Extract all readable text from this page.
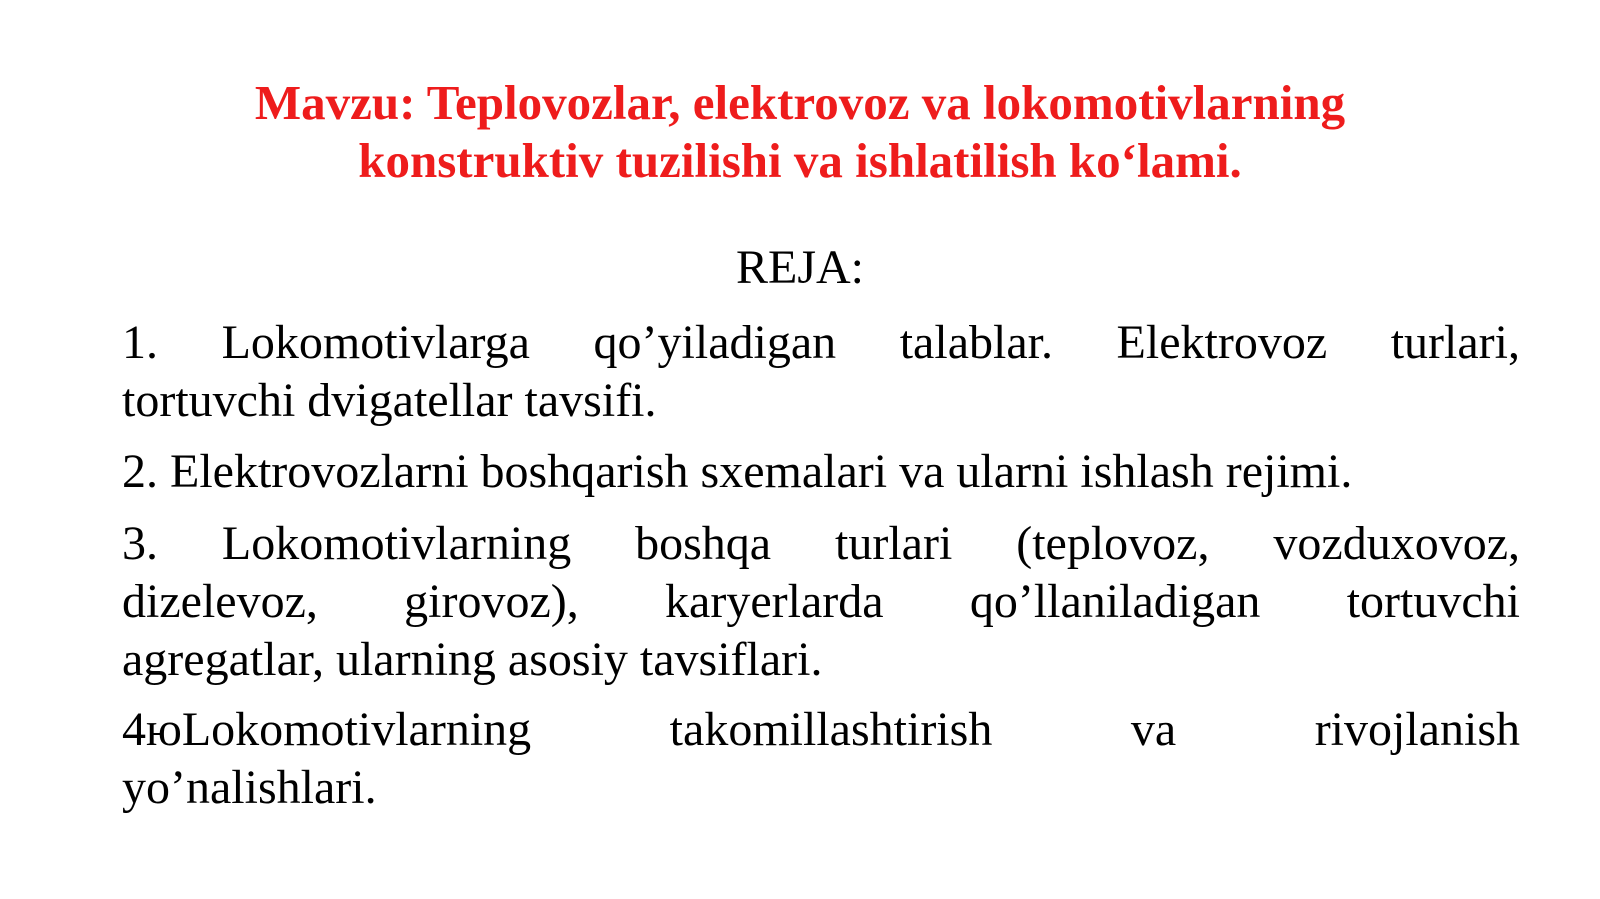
Mavzu: Teplovozlar, elektrovoz va lokomotivlarning
konstruktiv tuzilishi va ishlatilish ko‘lami.
REJA:
1. Lokomotivlarga qo’yiladigan talablar. Elektrovoz turlari,
tortuvchi dvigatellar tavsifi.
2. Elektrovozlarni boshqarish sxemalari va ularni ishlash rejimi.
3. Lokomotivlarning boshqa turlari (teplovoz, vozduxovoz,
dizelevoz, girovoz), karyerlarda qo’llaniladigan tortuvchi
agregatlar, ularning asosiy tavsiflari.
4юLokomotivlarning takomillashtirish va rivojlanish
yo’nalishlari.
